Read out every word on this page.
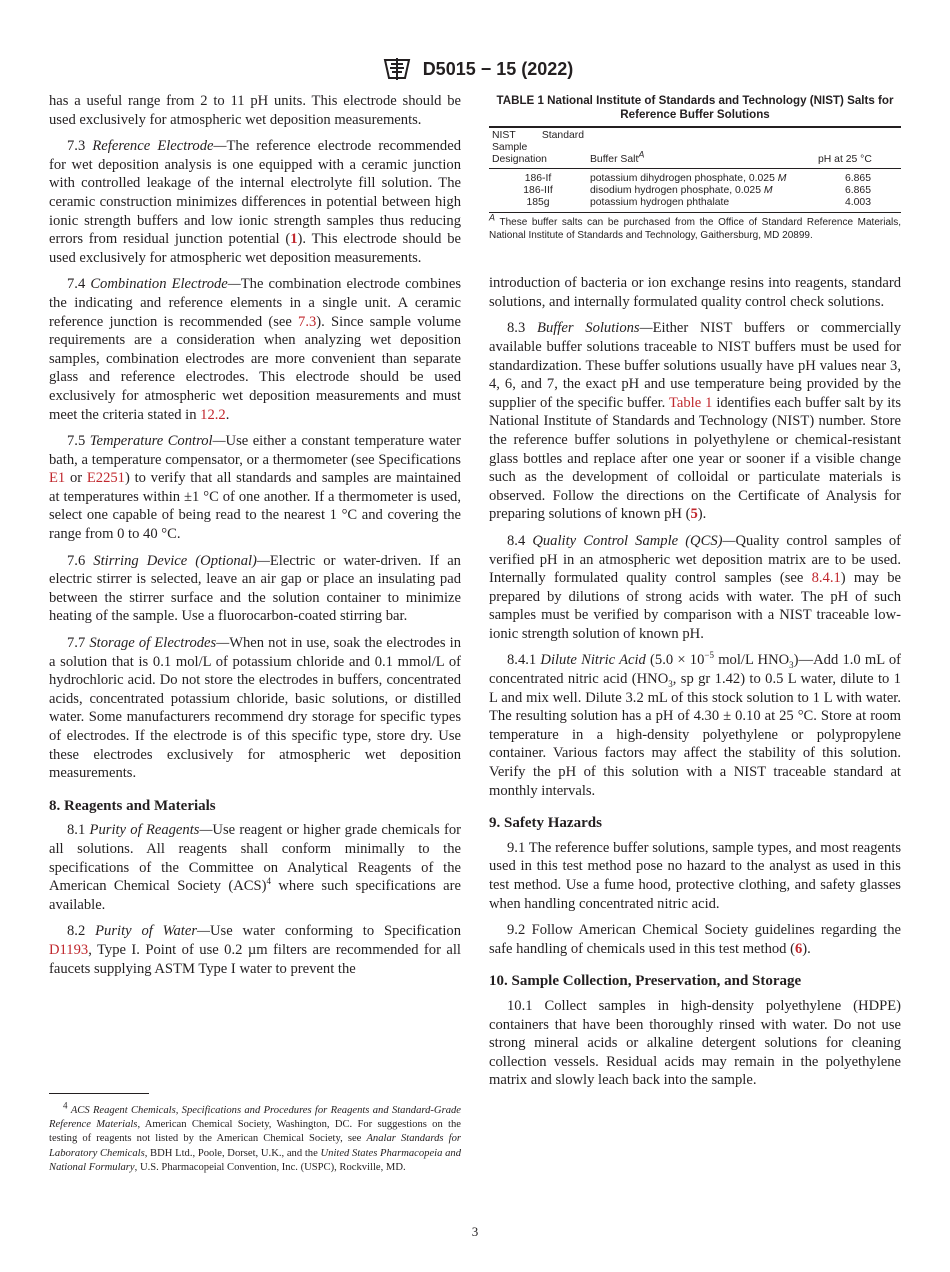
D5015 − 15 (2022)

has a useful range from 2 to 11 pH units. This electrode should be used exclusively for atmospheric wet deposition measurements.

7.3 Reference Electrode—The reference electrode recommended for wet deposition analysis is one equipped with a ceramic junction with controlled leakage of the internal electrolyte fill solution. The ceramic construction minimizes differences in potential between high ionic strength buffers and low ionic strength samples thus reducing errors from residual junction potential (1). This electrode should be used exclusively for atmospheric wet deposition measurements.

7.4 Combination Electrode—The combination electrode combines the indicating and reference elements in a single unit. A ceramic reference junction is recommended (see 7.3). Since sample volume requirements are a consideration when analyzing wet deposition samples, combination electrodes are more convenient than separate glass and reference electrodes. This electrode should be used exclusively for atmospheric wet deposition measurements and must meet the criteria stated in 12.2.

7.5 Temperature Control—Use either a constant temperature water bath, a temperature compensator, or a thermometer (see Specifications E1 or E2251) to verify that all standards and samples are maintained at temperatures within ±1 °C of one another. If a thermometer is used, select one capable of being read to the nearest 1 °C and covering the range from 0 to 40 °C.

7.6 Stirring Device (Optional)—Electric or water-driven. If an electric stirrer is selected, leave an air gap or place an insulating pad between the stirrer surface and the solution container to minimize heating of the sample. Use a fluorocarbon-coated stirring bar.

7.7 Storage of Electrodes—When not in use, soak the electrodes in a solution that is 0.1 mol/L of potassium chloride and 0.1 mmol/L of hydrochloric acid. Do not store the electrodes in buffers, concentrated acids, concentrated potassium chloride, basic solutions, or distilled water. Some manufacturers recommend dry storage for specific types of electrodes. If the electrode is of this specific type, store dry. Use these electrodes exclusively for atmospheric wet deposition measurements.

8. Reagents and Materials

8.1 Purity of Reagents—Use reagent or higher grade chemicals for all solutions. All reagents shall conform minimally to the specifications of the Committee on Analytical Reagents of the American Chemical Society (ACS)$^4$ where such specifications are available.

8.2 Purity of Water—Use water conforming to Specification D1193, Type I. Point of use 0.2 µm filters are recommended for all faucets supplying ASTM Type I water to prevent the

$^4$ ACS Reagent Chemicals, Specifications and Procedures for Reagents and Standard-Grade Reference Materials, American Chemical Society, Washington, DC. For suggestions on the testing of reagents not listed by the American Chemical Society, see Analar Standards for Laboratory Chemicals, BDH Ltd., Poole, Dorset, U.K., and the United States Pharmacopeia and National Formulary, U.S. Pharmacopeial Convention, Inc. (USPC), Rockville, MD.
TABLE 1 National Institute of Standards and Technology (NIST) Salts for Reference Buffer Solutions
NIST Standard Sample Designation	Buffer Salt$^A$	pH at 25 °C
186-If	potassium dihydrogen phosphate, 0.025 M	6.865
186-IIf	disodium hydrogen phosphate, 0.025 M	6.865
185g	potassium hydrogen phthalate	4.003
$^A$ These buffer salts can be purchased from the Office of Standard Reference Materials, National Institute of Standards and Technology, Gaithersburg, MD 20899.

introduction of bacteria or ion exchange resins into reagents, standard solutions, and internally formulated quality control check solutions.

8.3 Buffer Solutions—Either NIST buffers or commercially available buffer solutions traceable to NIST buffers must be used for standardization. These buffer solutions usually have pH values near 3, 4, 6, and 7, the exact pH and use temperature being provided by the supplier of the specific buffer. Table 1 identifies each buffer salt by its National Institute of Standards and Technology (NIST) number. Store the reference buffer solutions in polyethylene or chemical-resistant glass bottles and replace after one year or sooner if a visible change such as the development of colloidal or particulate materials is observed. Follow the directions on the Certificate of Analysis for preparing solutions of known pH (5).

8.4 Quality Control Sample (QCS)—Quality control samples of verified pH in an atmospheric wet deposition matrix are to be used. Internally formulated quality control samples (see 8.4.1) may be prepared by dilutions of strong acids with water. The pH of such samples must be verified by comparison with a NIST traceable low-ionic strength solution of known pH.

8.4.1 Dilute Nitric Acid ($5.0 \times 10^{-5}$ mol/L $HNO_3)—Add$ 1.0 mL of concentrated nitric acid ($HNO_3$, sp gr 1.42) to 0.5 L water, dilute to 1 L and mix well. Dilute 3.2 mL of this stock solution to 1 L with water. The resulting solution has a pH of 4.30 ± 0.10 at 25 °C. Store at room temperature in a high-density polyethylene or polypropylene container. Various factors may affect the stability of this solution. Verify the pH of this solution with a NIST traceable standard at monthly intervals.

9. Safety Hazards

9.1 The reference buffer solutions, sample types, and most reagents used in this test method pose no hazard to the analyst as used in this test method. Use a fume hood, protective clothing, and safety glasses when handling concentrated nitric acid.

9.2 Follow American Chemical Society guidelines regarding the safe handling of chemicals used in this test method (6).

10. Sample Collection, Preservation, and Storage

10.1 Collect samples in high-density polyethylene (HDPE) containers that have been thoroughly rinsed with water. Do not use strong mineral acids or alkaline detergent solutions for cleaning collection vessels. Residual acids may remain in the polyethylene matrix and slowly leach back into the sample.

3
